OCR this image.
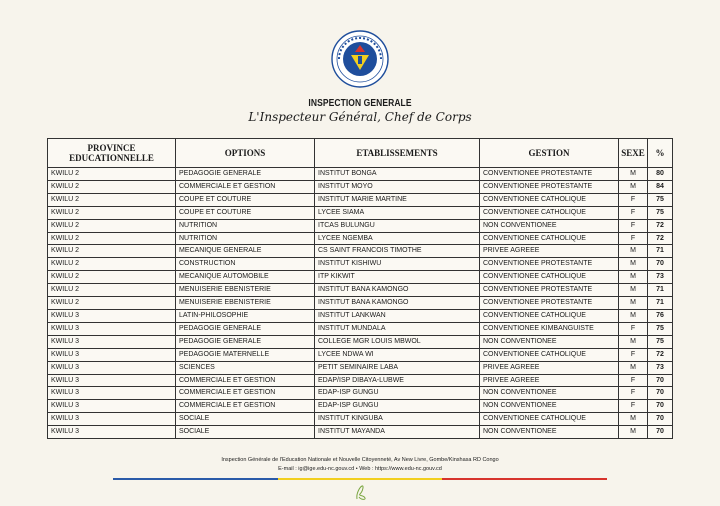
INSPECTION GENERALE
L'Inspecteur Général, Chef de Corps
PROVINCE EDUCATIONNELLE	OPTIONS	ETABLISSEMENTS	GESTION	SEXE	%
KWILU 2	PEDAGOGIE GENERALE	INSTITUT BONGA	CONVENTIONEE PROTESTANTE	M	80
KWILU 2	COMMERCIALE ET GESTION	INSTITUT MOYO	CONVENTIONEE PROTESTANTE	M	84
KWILU 2	COUPE ET COUTURE	INSTITUT MARIE MARTINE	CONVENTIONEE CATHOLIQUE	F	75
KWILU 2	COUPE ET COUTURE	LYCEE SIAMA	CONVENTIONEE CATHOLIQUE	F	75
KWILU 2	NUTRITION	ITCAS BULUNGU	NON CONVENTIONEE	F	72
KWILU 2	NUTRITION	LYCEE NGEMBA	CONVENTIONEE CATHOLIQUE	F	72
KWILU 2	MECANIQUE GENERALE	CS SAINT FRANCOIS TIMOTHE	PRIVEE AGREEE	M	71
KWILU 2	CONSTRUCTION	INSTITUT KISHIWU	CONVENTIONEE PROTESTANTE	M	70
KWILU 2	MECANIQUE AUTOMOBILE	ITP KIKWIT	CONVENTIONEE CATHOLIQUE	M	73
KWILU 2	MENUISERIE EBENISTERIE	INSTITUT BANA KAMONGO	CONVENTIONEE PROTESTANTE	M	71
KWILU 2	MENUISERIE EBENISTERIE	INSTITUT BANA KAMONGO	CONVENTIONEE PROTESTANTE	M	71
KWILU 3	LATIN-PHILOSOPHIE	INSTITUT LANKWAN	CONVENTIONEE CATHOLIQUE	M	76
KWILU 3	PEDAGOGIE GENERALE	INSTITUT MUNDALA	CONVENTIONEE KIMBANGUISTE	F	75
KWILU 3	PEDAGOGIE GENERALE	COLLEGE MGR LOUIS MBWOL	NON CONVENTIONEE	M	75
KWILU 3	PEDAGOGIE MATERNELLE	LYCEE NDWA WI	CONVENTIONEE CATHOLIQUE	F	72
KWILU 3	SCIENCES	PETIT SEMINAIRE LABA	PRIVEE AGREEE	M	73
KWILU 3	COMMERCIALE ET GESTION	EDAP/ISP DIBAYA-LUBWE	PRIVEE AGREEE	F	70
KWILU 3	COMMERCIALE ET GESTION	EDAP-ISP GUNGU	NON CONVENTIONEE	F	70
KWILU 3	COMMERCIALE ET GESTION	EDAP-ISP GUNGU	NON CONVENTIONEE	F	70
KWILU 3	SOCIALE	INSTITUT KINGUBA	CONVENTIONEE CATHOLIQUE	M	70
KWILU 3	SOCIALE	INSTITUT MAYANDA	NON CONVENTIONEE	M	70
Inspection Générale de l'Education Nationale et Nouvelle Citoyenneté, Av New Livre, Gombe/Kinshasa RD Congo
E-mail : ig@ige.edu-nc.gouv.cd • Web : https://www.edu-nc.gouv.cd
